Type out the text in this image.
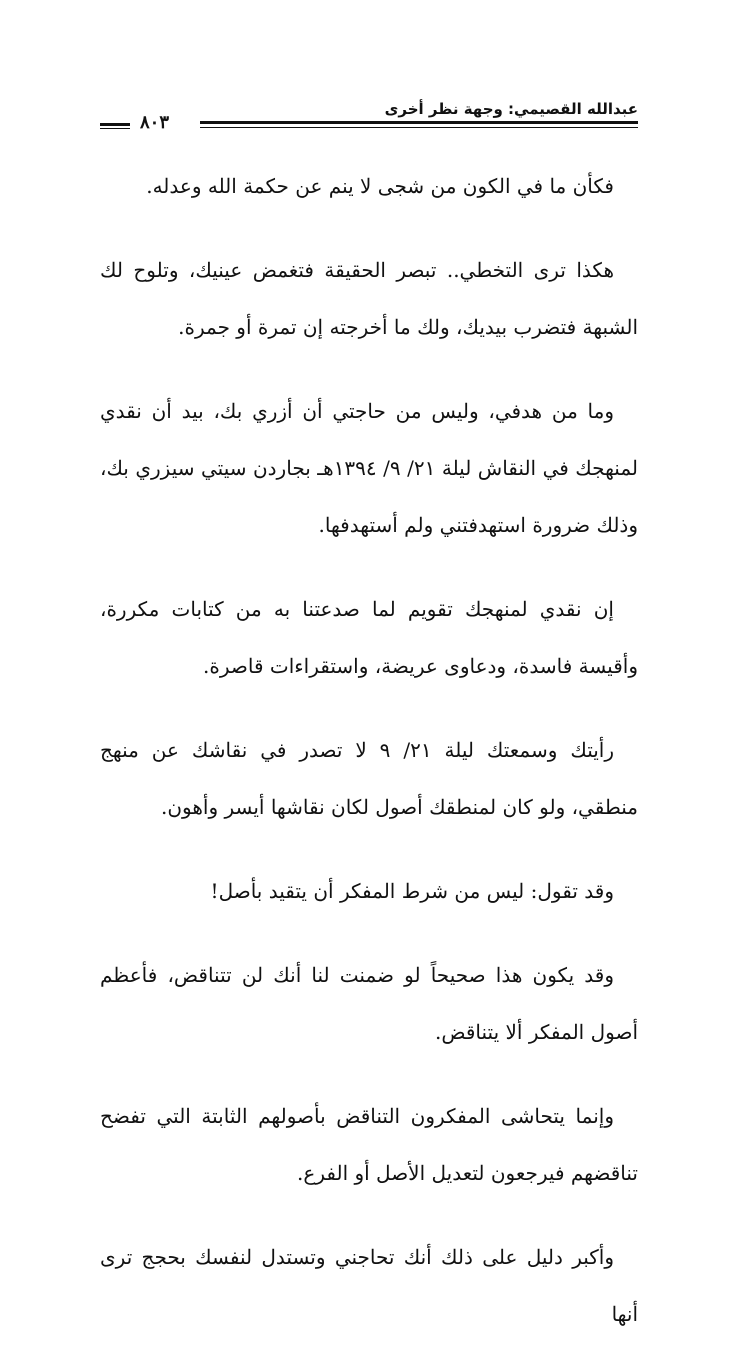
عبدالله القصيمي: وجهة نظر أخرى
٨٠٣

فكأن ما في الكون من شجى لا ينم عن حكمة الله وعدله.

هكذا ترى التخطي.. تبصر الحقيقة فتغمض عينيك، وتلوح لك الشبهة فتضرب بيديك، ولك ما أخرجته إن تمرة أو جمرة.

وما من هدفي، وليس من حاجتي أن أزري بك، بيد أن نقدي لمنهجك في النقاش ليلة ٢١/ ٩/ ١٣٩٤هـ بجاردن سيتي سيزري بك، وذلك ضرورة استهدفتني ولم أستهدفها.

إن نقدي لمنهجك تقويم لما صدعتنا به من كتابات مكررة، وأقيسة فاسدة، ودعاوى عريضة، واستقراءات قاصرة.

رأيتك وسمعتك ليلة ٢١/ ٩ لا تصدر في نقاشك عن منهج منطقي، ولو كان لمنطقك أصول لكان نقاشها أيسر وأهون.

وقد تقول: ليس من شرط المفكر أن يتقيد بأصل!

وقد يكون هذا صحيحاً لو ضمنت لنا أنك لن تتناقض، فأعظم أصول المفكر ألا يتناقض.

وإنما يتحاشى المفكرون التناقض بأصولهم الثابتة التي تفضح تناقضهم فيرجعون لتعديل الأصل أو الفرع.

وأكبر دليل على ذلك أنك تحاجني وتستدل لنفسك بحجج ترى أنها
